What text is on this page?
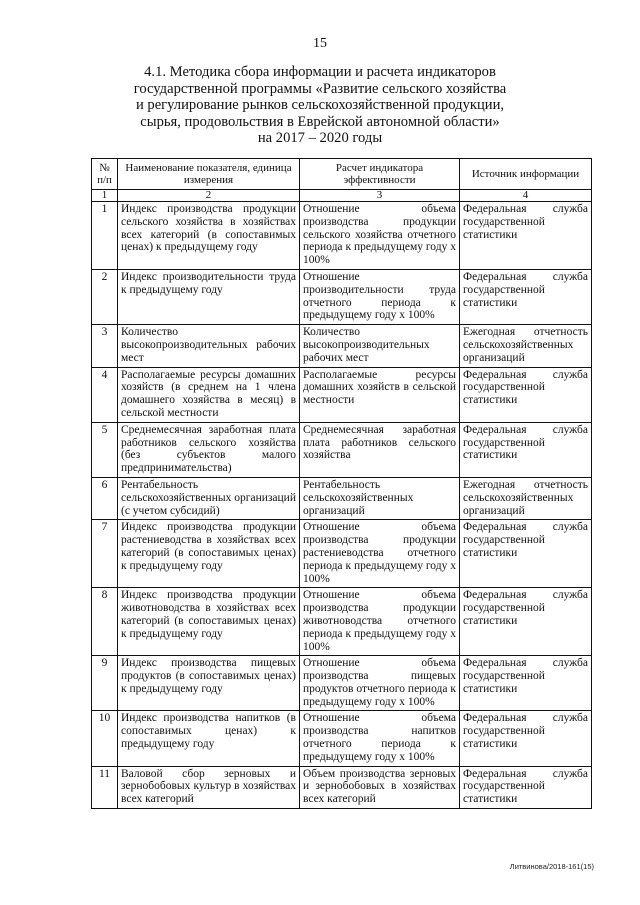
15
4.1. Методика сбора информации и расчета индикаторов
государственной программы «Развитие сельского хозяйства
и регулирование рынков сельскохозяйственной продукции,
сырья, продовольствия в Еврейской автономной области»
на 2017 – 2020 годы
№ п/п	Наименование показателя, единица измерения	Расчет индикатора эффективности	Источник информации
1	2	3	4
1	Индекс производства продукции сельского хозяйства в хозяйствах всех категорий (в сопоставимых ценах) к предыдущему году	Отношение объема производства продукции сельского хозяйства отчетного периода к предыдущему году х 100%	Федеральная служба государственной статистики
2	Индекс производительности труда к предыдущему году	Отношение производительности труда отчетного периода к предыдущему году х 100%	Федеральная служба государственной статистики
3	Количество высокопроизводительных рабочих мест	Количество высокопроизводительных рабочих мест	Ежегодная отчетность сельскохозяйственных организаций
4	Располагаемые ресурсы домашних хозяйств (в среднем на 1 члена домашнего хозяйства в месяц) в сельской местности	Располагаемые ресурсы домашних хозяйств в сельской местности	Федеральная служба государственной статистики
5	Среднемесячная заработная плата работников сельского хозяйства (без субъектов малого предпринимательства)	Среднемесячная заработная плата работников сельского хозяйства	Федеральная служба государственной статистики
6	Рентабельность сельскохозяйственных организаций (с учетом субсидий)	Рентабельность сельскохозяйственных организаций	Ежегодная отчетность сельскохозяйственных организаций
7	Индекс производства продукции растениеводства в хозяйствах всех категорий (в сопоставимых ценах) к предыдущему году	Отношение объема производства продукции растениеводства отчетного периода к предыдущему году х 100%	Федеральная служба государственной статистики
8	Индекс производства продукции животноводства в хозяйствах всех категорий (в сопоставимых ценах) к предыдущему году	Отношение объема производства продукции животноводства отчетного периода к предыдущему году х 100%	Федеральная служба государственной статистики
9	Индекс производства пищевых продуктов (в сопоставимых ценах) к предыдущему году	Отношение объема производства пищевых продуктов отчетного периода к предыдущему году х 100%	Федеральная служба государственной статистики
10	Индекс производства напитков (в сопоставимых ценах) к предыдущему году	Отношение объема производства напитков отчетного периода к предыдущему году х 100%	Федеральная служба государственной статистики
11	Валовой сбор зерновых и зернобобовых культур в хозяйствах всех категорий	Объем производства зерновых и зернобобовых в хозяйствах всех категорий	Федеральная служба государственной статистики
Литвинова/2018-161(15)
